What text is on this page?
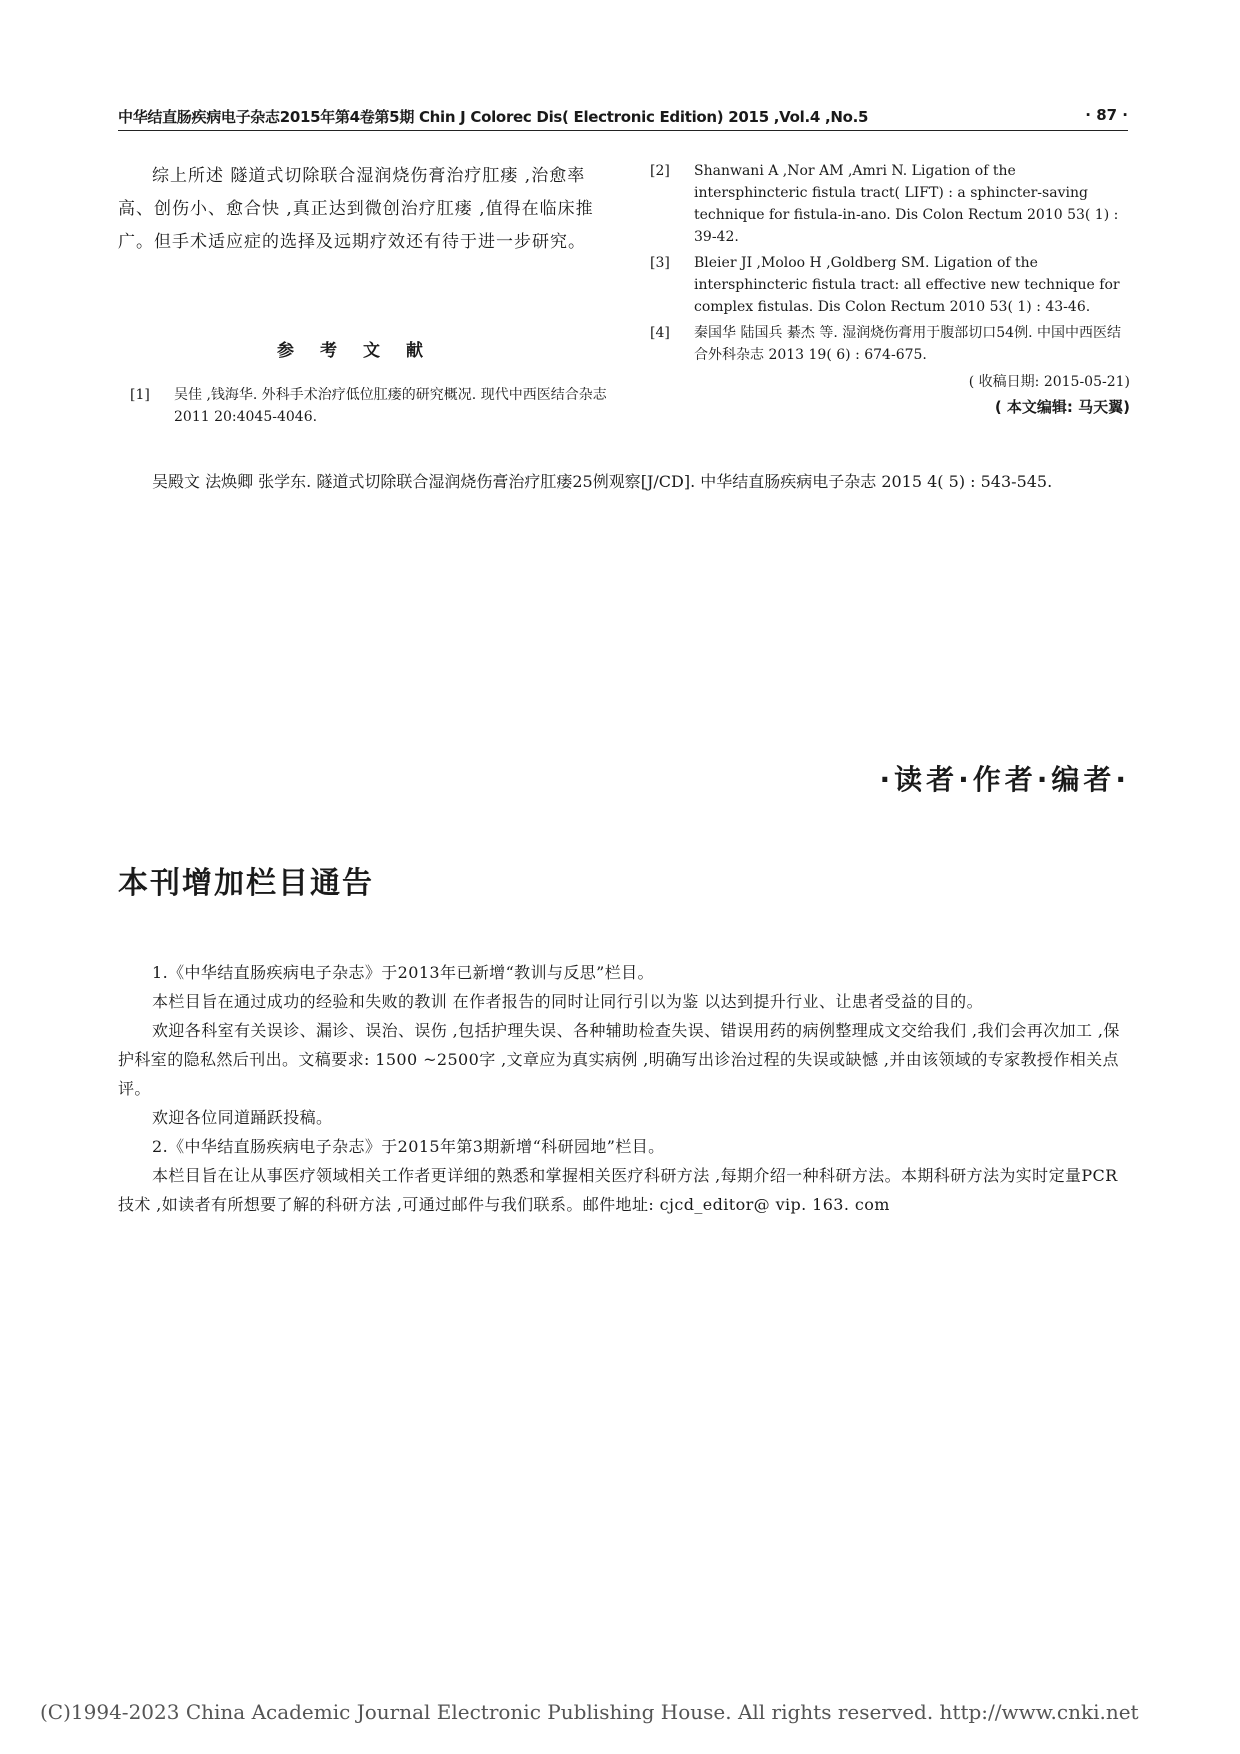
中华结直肠疾病电子杂志2015年第4卷第5期 Chin J Colorec Dis( Electronic Edition) 2015 ,Vol.4 ,No.5	· 87 ·

综上所述 隧道式切除联合湿润烧伤膏治疗肛瘘 ,治愈率高、创伤小、愈合快 ,真正达到微创治疗肛瘘 ,值得在临床推广。但手术适应症的选择及远期疗效还有待于进一步研究。

参考文献
[1] 吴佳 ,钱海华. 外科手术治疗低位肛瘘的研究概况. 现代中西医结合杂志 2011 20:4045-4046.
[2] Shanwani A ,Nor AM ,Amri N. Ligation of the intersphincteric fistula tract( LIFT) : a sphincter-saving technique for fistula-in-ano. Dis Colon Rectum 2010 53( 1) : 39-42.
[3] Bleier JI ,Moloo H ,Goldberg SM. Ligation of the intersphincteric fistula tract: all effective new technique for complex fistulas. Dis Colon Rectum 2010 53( 1) : 43-46.
[4] 秦国华 陆国兵 綦杰 等. 湿润烧伤膏用于腹部切口54例. 中国中西医结合外科杂志 2013 19( 6) : 674-675.
( 收稿日期: 2015-05-21)
( 本文编辑: 马天翼)
吴殿文 法焕卿 张学东. 隧道式切除联合湿润烧伤膏治疗肛瘘25例观察[J/CD]. 中华结直肠疾病电子杂志 2015 4( 5) : 543-545.
·读者·作者·编者·
本刊增加栏目通告

1.《中华结直肠疾病电子杂志》于2013年已新增“教训与反思”栏目。

本栏目旨在通过成功的经验和失败的教训 在作者报告的同时让同行引以为鉴 以达到提升行业、让患者受益的目的。

欢迎各科室有关误诊、漏诊、误治、误伤 ,包括护理失误、各种辅助检查失误、错误用药的病例整理成文交给我们 ,我们会再次加工 ,保护科室的隐私然后刊出。文稿要求: 1500 ~2500字 ,文章应为真实病例 ,明确写出诊治过程的失误或缺憾 ,并由该领域的专家教授作相关点评。

欢迎各位同道踊跃投稿。

2.《中华结直肠疾病电子杂志》于2015年第3期新增“科研园地”栏目。

本栏目旨在让从事医疗领域相关工作者更详细的熟悉和掌握相关医疗科研方法 ,每期介绍一种科研方法。本期科研方法为实时定量PCR技术 ,如读者有所想要了解的科研方法 ,可通过邮件与我们联系。邮件地址: cjcd_editor@ vip. 163. com

(C)1994-2023 China Academic Journal Electronic Publishing House. All rights reserved. http://www.cnki.net
